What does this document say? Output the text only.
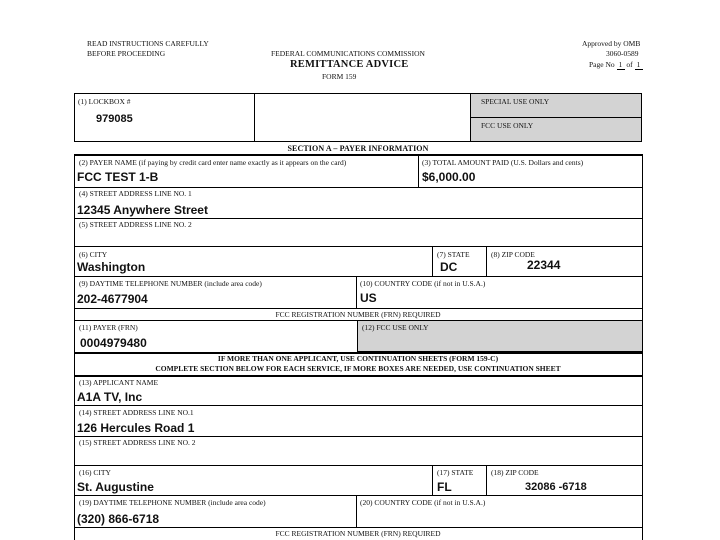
READ INSTRUCTIONS CAREFULLY
BEFORE PROCEEDING	FEDERAL COMMUNICATIONS COMMISSION
REMITTANCE ADVICE
FORM 159
Approved by OMB
3060-0589
Page No 1 of 1
(1) LOCKBOX #
979085
SPECIAL USE ONLY
FCC USE ONLY
SECTION A – PAYER INFORMATION
(2) PAYER NAME (if paying by credit card enter name exactly as it appears on the card)
FCC TEST 1-B
(3) TOTAL AMOUNT PAID (U.S. Dollars and cents)
$6,000.00
(4) STREET ADDRESS LINE NO. 1
12345 Anywhere Street
(5) STREET ADDRESS LINE NO. 2
(6) CITY
Washington
(7) STATE
DC
(8) ZIP CODE
22344
(9) DAYTIME TELEPHONE NUMBER (include area code)
202-4677904
(10) COUNTRY CODE (if not in U.S.A.)
US
FCC REGISTRATION NUMBER (FRN) REQUIRED
(11) PAYER (FRN)
0004979480
(12) FCC USE ONLY
IF MORE THAN ONE APPLICANT, USE CONTINUATION SHEETS (FORM 159-C)
COMPLETE SECTION BELOW FOR EACH SERVICE, IF MORE BOXES ARE NEEDED, USE CONTINUATION SHEET
(13) APPLICANT NAME
A1A TV, Inc
(14) STREET ADDRESS LINE NO.1
126 Hercules Road 1
(15) STREET ADDRESS LINE NO. 2
(16) CITY
St. Augustine
(17) STATE
FL
(18) ZIP CODE
32086 -6718
(19) DAYTIME TELEPHONE NUMBER (include area code)
(320) 866-6718
(20) COUNTRY CODE (if not in U.S.A.)
FCC REGISTRATION NUMBER (FRN) REQUIRED
